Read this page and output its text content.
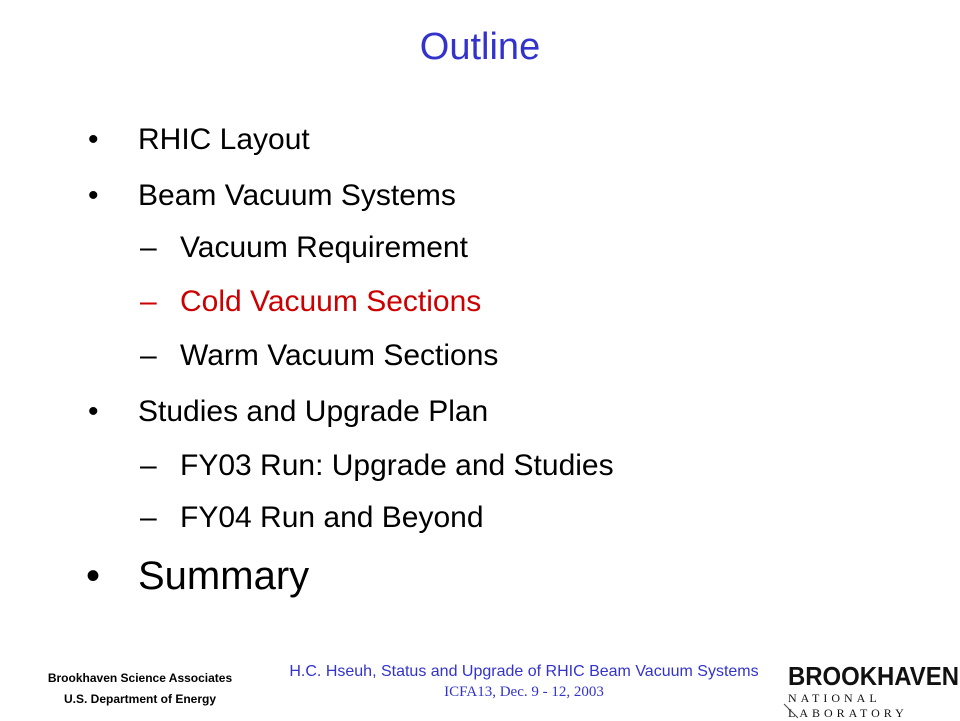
Outline
• RHIC Layout
• Beam Vacuum Systems
– Vacuum Requirement
– Cold Vacuum Sections
– Warm Vacuum Sections
• Studies and Upgrade Plan
– FY03 Run: Upgrade and Studies
– FY04 Run and Beyond
• Summary
Brookhaven Science Associates
U.S. Department of Energy
H.C. Hseuh, Status and Upgrade of RHIC Beam Vacuum Systems
ICFA13, Dec. 9 - 12, 2003
BROOKHAVEN
NATIONAL LABORATORY
